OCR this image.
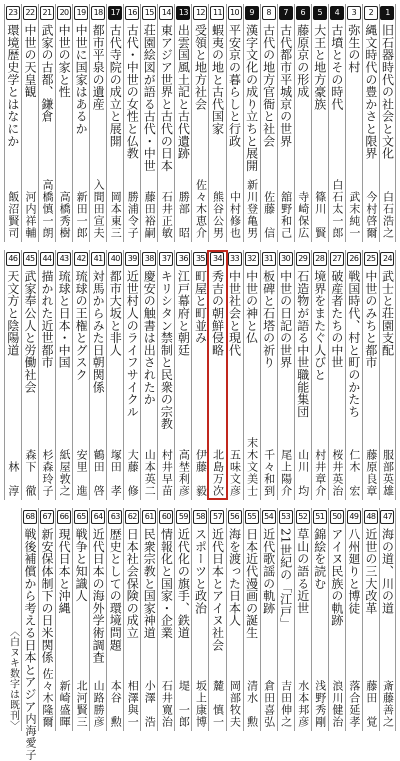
1
旧石器時代の社会と文化
白石浩之
2
縄文時代の豊かさと限界
今村啓爾
3
弥生の村
武末純一
4
古墳とその時代
白石太一郎
5
大王と地方豪族
篠川　賢
6
藤原京の形成
寺崎保広
7
古代都市平城京の世界
舘野和己
8
古代の地方官衙と社会
佐藤　信
9
漢字文化の成り立ちと展開
新川登亀男
10
平安京の暮らしと行政
中村修也
11
蝦夷の地と古代国家
熊谷公男
12
受領と地方社会
佐々木恵介
13
出雲国風土記と古代遺跡
勝部　昭
14
東アジア世界と古代の日本
石井正敏
15
荘園絵図が語る古代・中世
藤田裕嗣
16
古代・中世の女性と仏教
勝浦令子
17
古代寺院の成立と展開
岡本東三
18
都市平泉の遺産
入間田宣夫
19
中世に国家はあるか
新田一郎
20
中世の家と性
高橋秀樹
21
武家の古都、鎌倉
高橋慎一朗
22
中世の天皇観
河内祥輔
23
環境歴史学とはなにか
飯沼賢司
24
武士と荘園支配
服部英雄
25
中世のみちと都市
藤原良章
26
戦国時代、村と町のかたち
仁木　宏
27
破産者たちの中世
桜井英治
28
境界をまたぐ人びと
村井章介
29
石造物が語る中世職能集団
山川　均
30
中世の日記の世界
尾上陽介
31
板碑と石塔の祈り
千々和到
32
中世の神と仏
末木文美士
33
中世社会と現代
五味文彦
34
秀吉の朝鮮侵略
北島万次
35
町屋と町並み
伊藤　毅
36
江戸幕府と朝廷
高埜利彦
37
キリシタン禁制と民衆の宗教
村井早苗
38
慶安の触書は出されたか
山本英二
39
近世村人のライフサイクル
大藤　修
40
都市大坂と非人
塚田　孝
41
対馬からみた日朝関係
鶴田　啓
42
琉球の王権とグスク
安里　進
43
琉球と日本・中国
紙屋敦之
44
描かれた近世都市
杉森玲子
45
武家奉公人と労働社会
森下　徹
46
天文方と陰陽道
林　淳
47
海の道、川の道
斎藤善之
48
近世の三大改革
藤田　覚
49
八州廻りと博徒
落合延孝
50
アイヌ民族の軌跡
浪川健治
51
錦絵を読む
浅野秀剛
52
草山の語る近世
水本邦彦
53
21世紀の「江戸」
吉田伸之
54
近代歌謡の軌跡
倉田喜弘
55
日本近代漫画の誕生
清水　勲
56
海を渡った日本人
岡部牧夫
57
近代日本とアイヌ社会
麓　慎一
58
スポーツと政治
坂上康博
59
近代化の旗手、鉄道
堤　一郎
60
情報化と国家・企業
石井寛治
61
民衆宗教と国家神道
小澤　浩
62
日本社会保険の成立
相澤與一
63
歴史としての環境問題
本谷　勲
64
近代日本の海外学術調査
山路勝彦
65
戦争と知識人
北河賢三
66
現代日本と沖縄
新崎盛暉
67
新安保体制下の日米関係
佐々木隆爾
68
戦後補償から考える日本とアジア
内海愛子
〈白ヌキ数字は既刊〉
